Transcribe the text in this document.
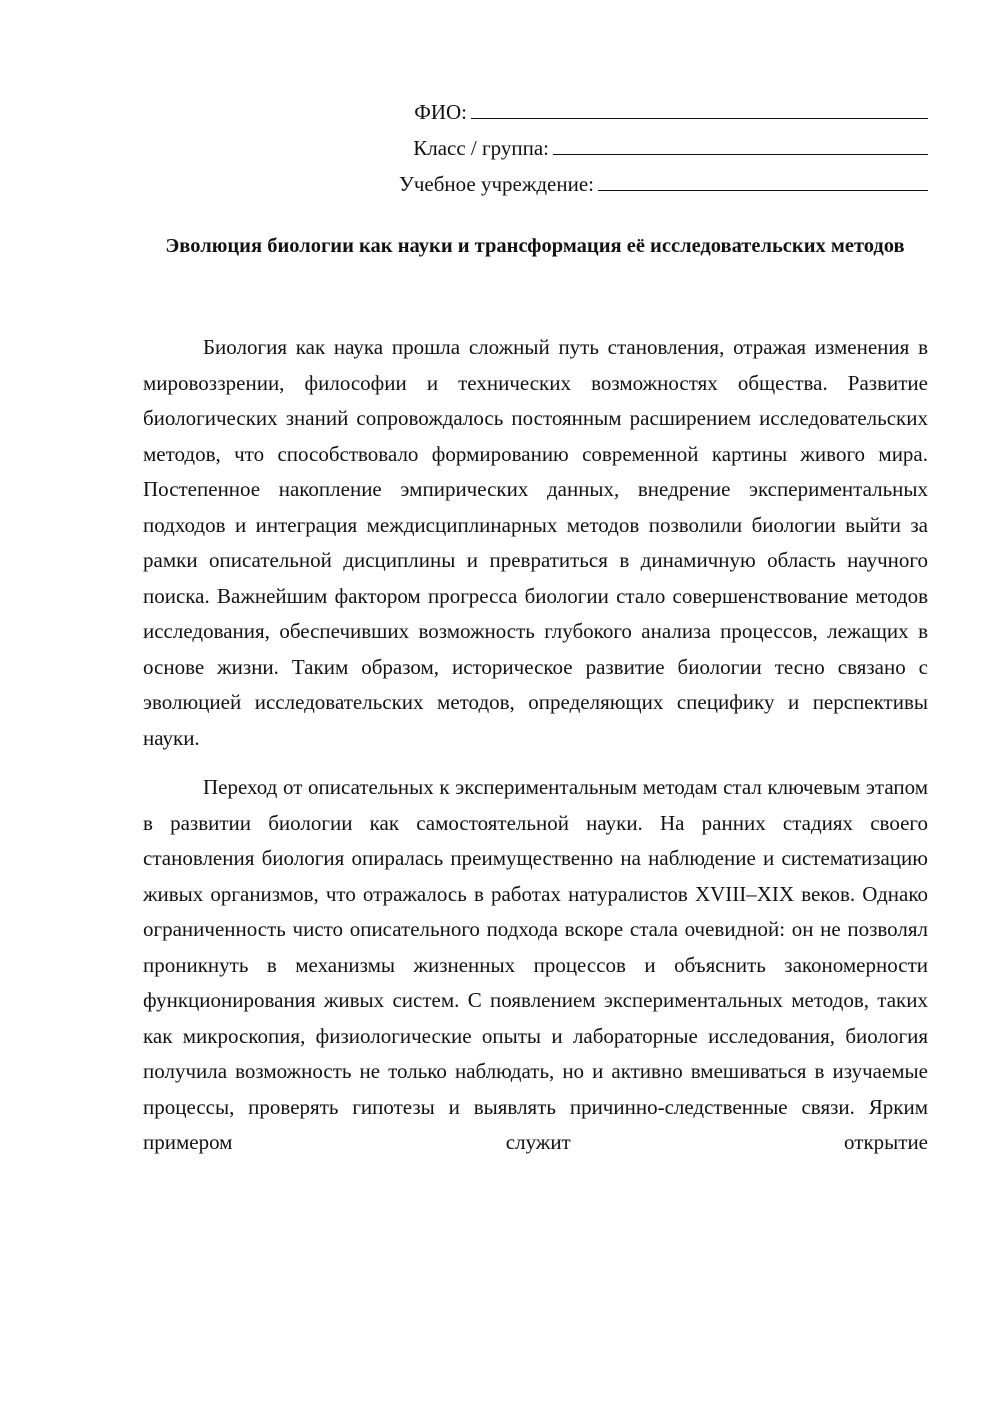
ФИО:
Класс / группа:
Учебное учреждение:
Эволюция биологии как науки и трансформация её исследовательских методов

Биология как наука прошла сложный путь становления, отражая изменения в мировоззрении, философии и технических возможностях общества. Развитие биологических знаний сопровождалось постоянным расширением исследовательских методов, что способствовало формированию современной картины живого мира. Постепенное накопление эмпирических данных, внедрение экспериментальных подходов и интеграция междисциплинарных методов позволили биологии выйти за рамки описательной дисциплины и превратиться в динамичную область научного поиска. Важнейшим фактором прогресса биологии стало совершенствование методов исследования, обеспечивших возможность глубокого анализа процессов, лежащих в основе жизни. Таким образом, историческое развитие биологии тесно связано с эволюцией исследовательских методов, определяющих специфику и перспективы науки.

Переход от описательных к экспериментальным методам стал ключевым этапом в развитии биологии как самостоятельной науки. На ранних стадиях своего становления биология опиралась преимущественно на наблюдение и систематизацию живых организмов, что отражалось в работах натуралистов XVIII–XIX веков. Однако ограниченность чисто описательного подхода вскоре стала очевидной: он не позволял проникнуть в механизмы жизненных процессов и объяснить закономерности функционирования живых систем. С появлением экспериментальных методов, таких как микроскопия, физиологические опыты и лабораторные исследования, биология получила возможность не только наблюдать, но и активно вмешиваться в изучаемые процессы, проверять гипотезы и выявлять причинно-следственные связи. Ярким примером служит открытие
